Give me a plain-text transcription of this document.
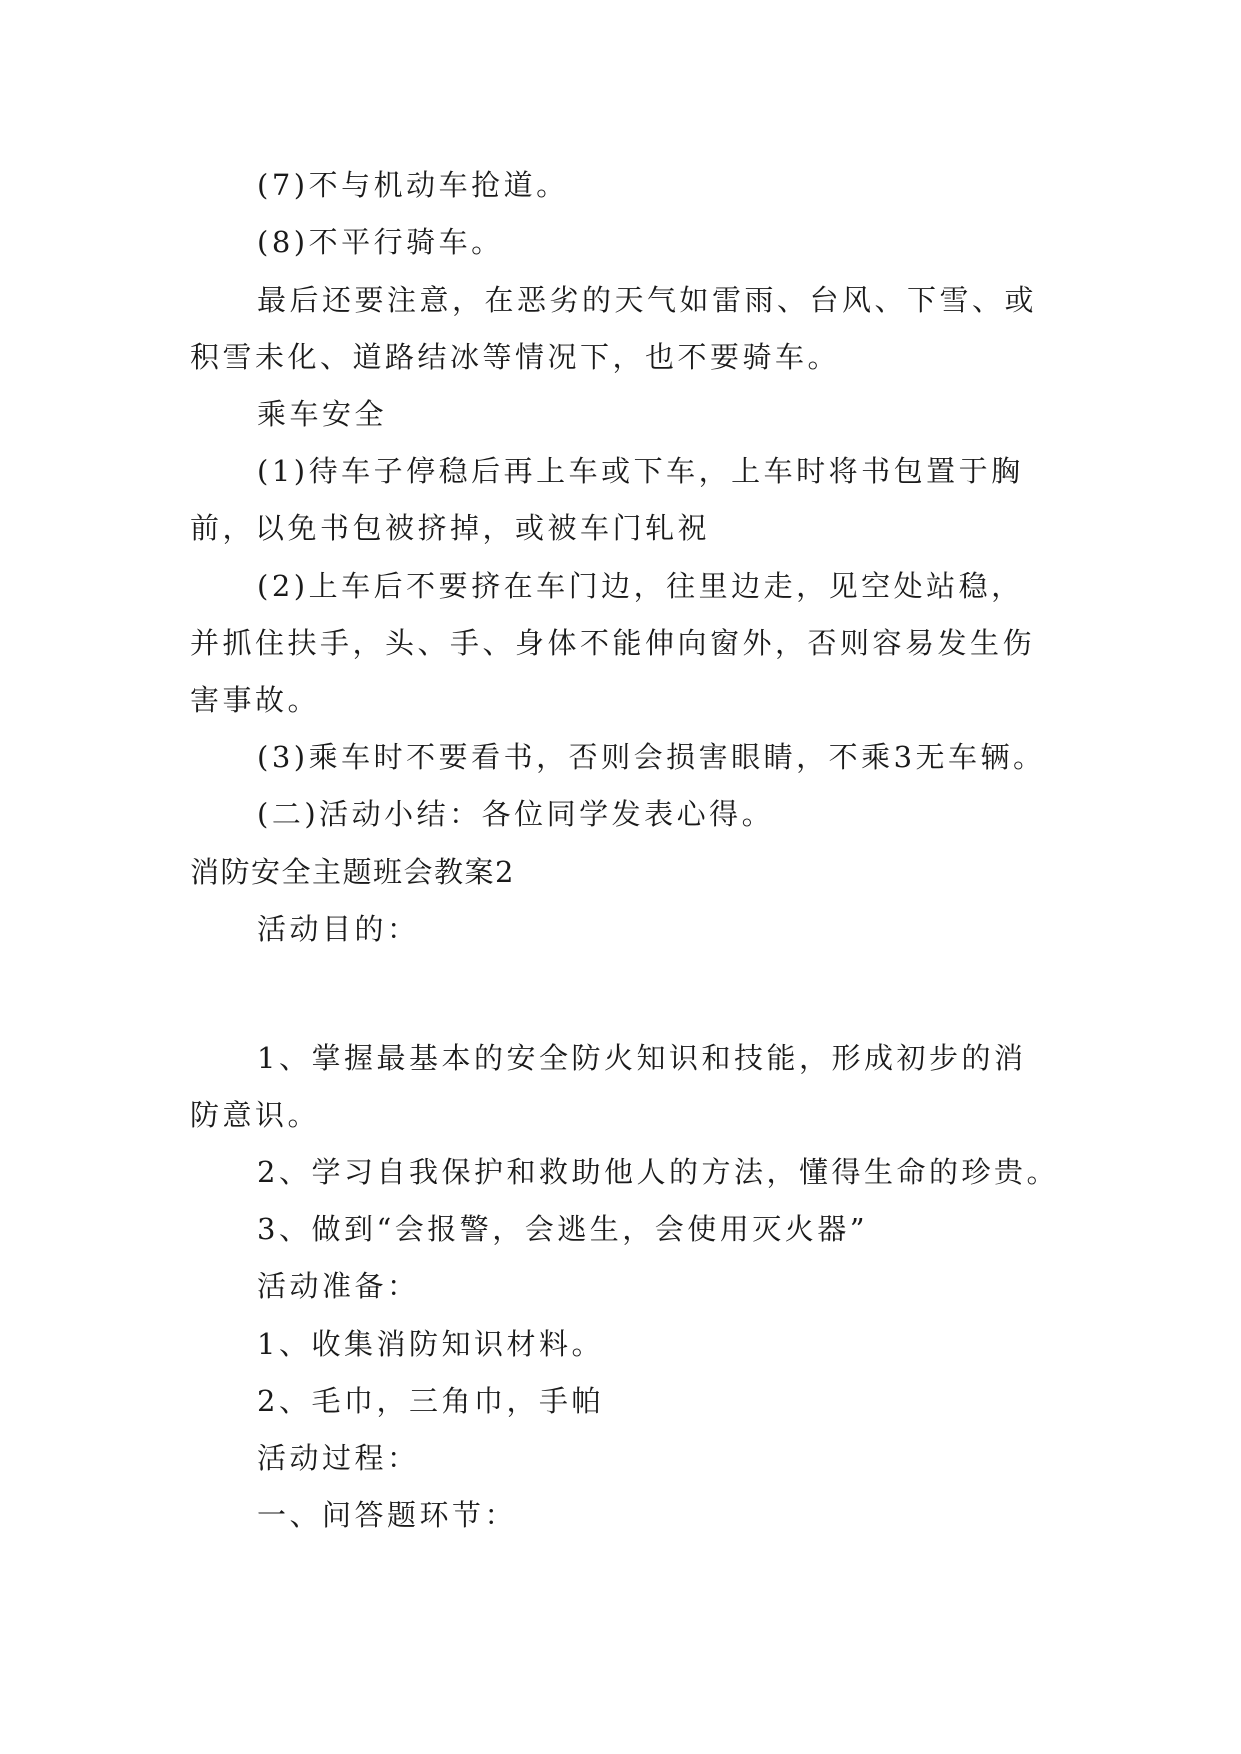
(7)不与机动车抢道。
(8)不平行骑车。
最后还要注意，在恶劣的天气如雷雨、台风、下雪、或
积雪未化、道路结冰等情况下，也不要骑车。
乘车安全
(1)待车子停稳后再上车或下车，上车时将书包置于胸
前，以免书包被挤掉，或被车门轧祝
(2)上车后不要挤在车门边，往里边走，见空处站稳，
并抓住扶手，头、手、身体不能伸向窗外，否则容易发生伤
害事故。
(3)乘车时不要看书，否则会损害眼睛，不乘3无车辆。
(二)活动小结：各位同学发表心得。
消防安全主题班会教案2
活动目的：
1、掌握最基本的安全防火知识和技能，形成初步的消
防意识。
2、学习自我保护和救助他人的方法，懂得生命的珍贵。
3、做到“会报警，会逃生，会使用灭火器”
活动准备：
1、收集消防知识材料。
2、毛巾，三角巾，手帕
活动过程：
一、问答题环节：
